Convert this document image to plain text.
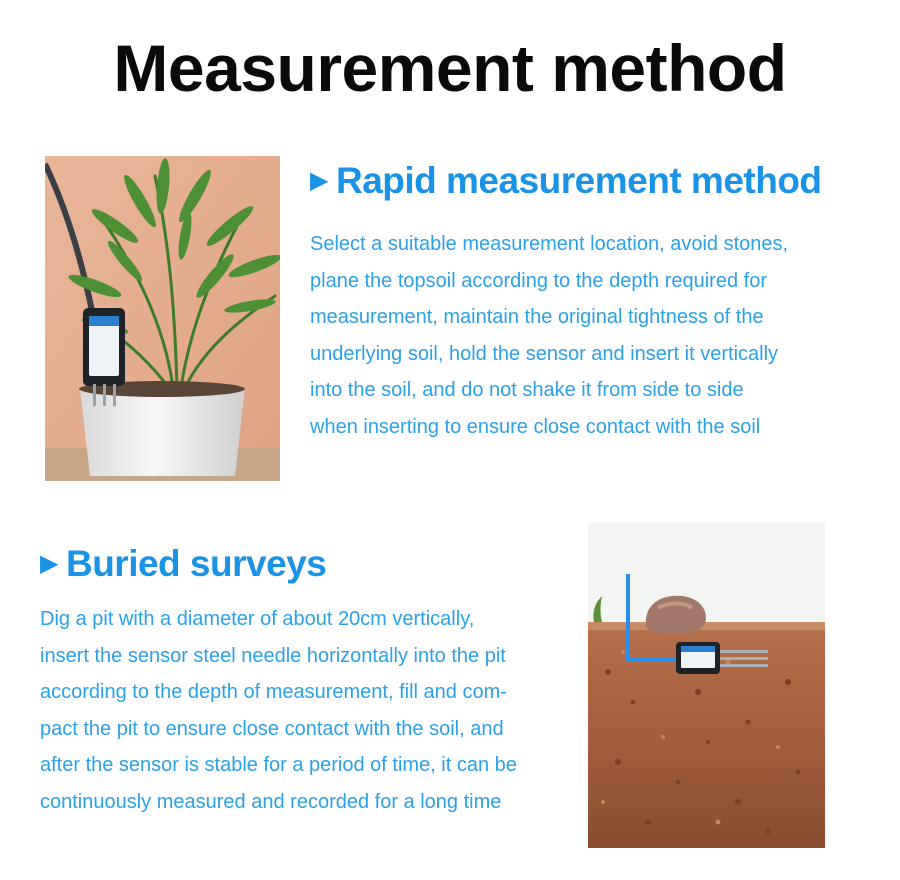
Measurement method
▶ Rapid measurement method

Select a suitable measurement location, avoid stones,
plane the topsoil according to the depth required for
measurement, maintain the original tightness of the
underlying soil, hold the sensor and insert it vertically
into the soil, and do not shake it from side to side
when inserting to ensure close contact with the soil

▶ Buried surveys

Dig a pit with a diameter of about 20cm vertically,
insert the sensor steel needle horizontally into the pit
according to the depth of measurement, fill and com-
pact the pit to ensure close contact with the soil, and
after the sensor is stable for a period of time, it can be
continuously measured and recorded for a long time
